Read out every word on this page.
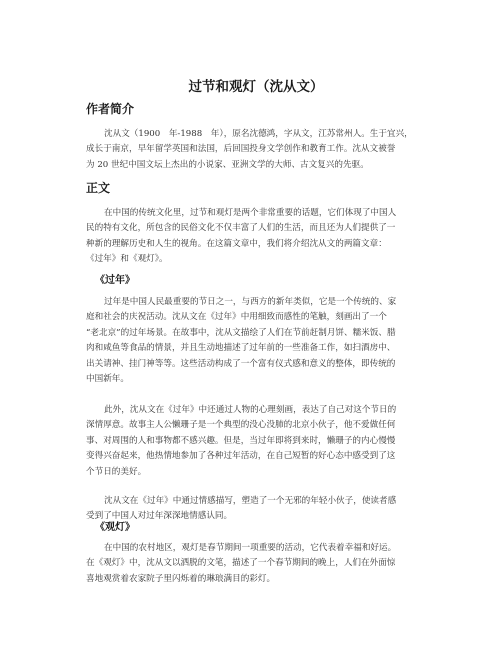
过节和观灯（沈从文）
作者简介
沈从文（1900　年-1988　年），原名沈德鸿，字从文，江苏常州人。生于宜兴，
成长于南京，早年留学英国和法国，后回国投身文学创作和教育工作。沈从文被誉
为 20 世纪中国文坛上杰出的小说家、亚洲文学的大师、古文复兴的先驱。
正文
在中国的传统文化里，过节和观灯是两个非常重要的话题，它们体现了中国人
民的特有文化，所包含的民俗文化不仅丰富了人们的生活，而且还为人们提供了一
种新的理解历史和人生的视角。在这篇文章中，我们将介绍沈从文的两篇文章：
《过年》和《观灯》。
《过年》
过年是中国人民最重要的节日之一，与西方的新年类似，它是一个传统的、家
庭和社会的庆祝活动。沈从文在《过年》中用细致而感性的笔触，刻画出了一个
“老北京”的过年场景。在故事中，沈从文描绘了人们在节前赶制月饼、糯米饭、腊
肉和咸鱼等食品的情景，并且生动地描述了过年前的一些准备工作，如扫酒房中、
出关请神、挂门神等等。这些活动构成了一个富有仪式感和意义的整体，即传统的
中国新年。
此外，沈从文在《过年》中还通过人物的心理刻画，表达了自己对这个节日的
深情厚意。故事主人公懒珊子是一个典型的没心没肺的北京小伙子，他不爱做任何
事、对周围的人和事物都不感兴趣。但是，当过年即将到来时，懒珊子的内心慢慢
变得兴奋起来，他热情地参加了各种过年活动，在自己短暂的好心态中感受到了这
个节日的美好。
沈从文在《过年》中通过情感描写，塑造了一个无邪的年轻小伙子，使读者感
受到了中国人对过年深深地情感认同。
《观灯》
在中国的农村地区，观灯是春节期间一项重要的活动，它代表着幸福和好运。
在《观灯》中，沈从文以洒脱的文笔，描述了一个春节期间的晚上，人们在外面惊
喜地观赏着农家院子里闪烁着的琳琅满目的彩灯。
